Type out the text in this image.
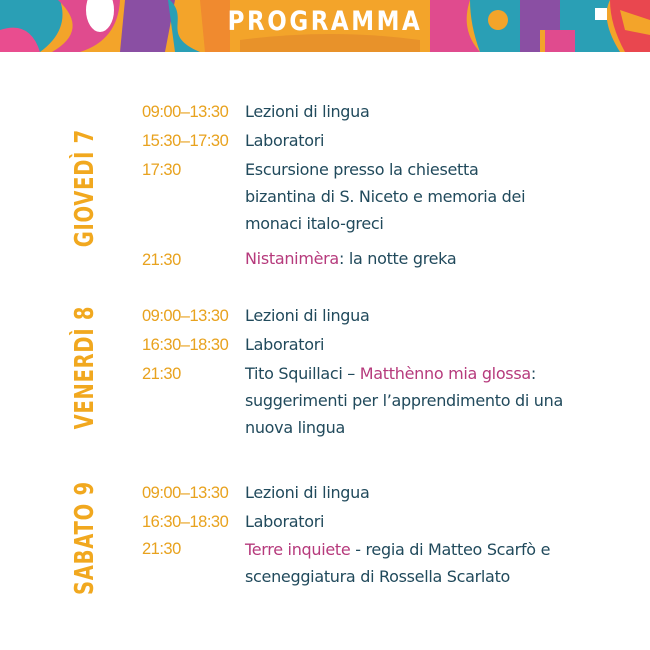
PROGRAMMA
GIOVEDÌ 7
09:00–13:30 Lezioni di lingua
15:30–17:30 Laboratori
17:30	Escursione presso la chiesetta bizantina di S. Niceto e memoria dei monaci italo-greci
21:30	Nistanimèra: la notte greka
VENERDÌ 8	09:00–13:30 Lezioni di lingua
16:30–18:30 Laboratori
21:30	Tito Squillaci – Matthènno mia glossa: suggerimenti per l’apprendimento di una nuova lingua
SABATO 9	09:00–13:30 Lezioni di lingua
16:30–18:30 Laboratori
21:30	Terre inquiete - regia di Matteo Scarfò e sceneggiatura di Rossella Scarlato
